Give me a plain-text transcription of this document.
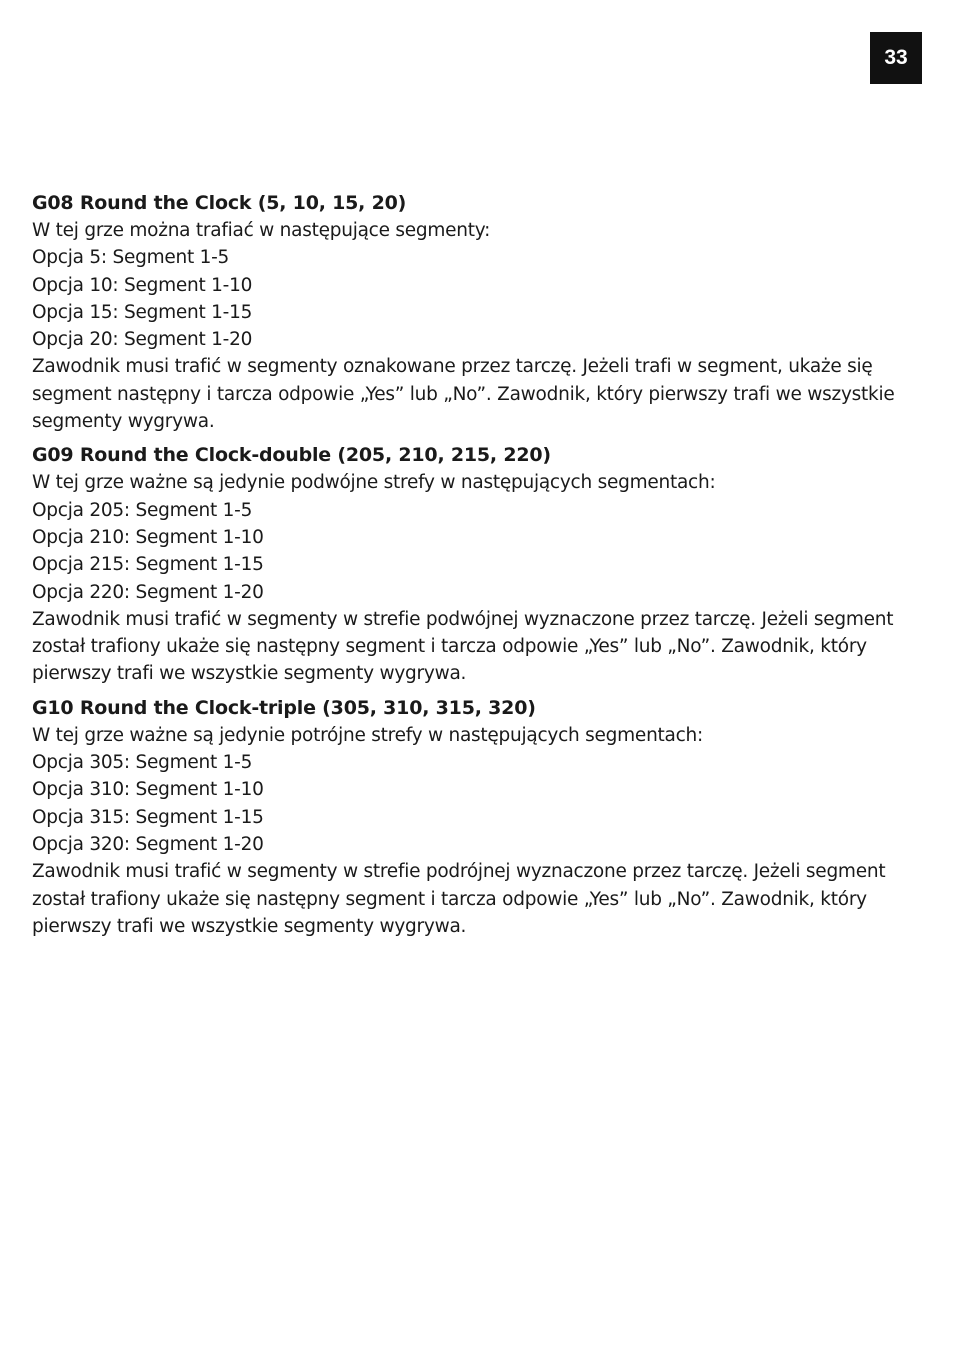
33
G08 Round the Clock (5, 10, 15, 20)

W tej grze można trafiać w następujące segmenty:

Opcja 5: Segment 1-5

Opcja 10: Segment 1-10

Opcja 15: Segment 1-15

Opcja 20: Segment 1-20

Zawodnik musi trafić w segmenty oznakowane przez tarczę. Jeżeli trafi w segment, ukaże się segment następny i tarcza odpowie „Yes” lub „No”. Zawodnik, który pierwszy trafi we wszystkie segmenty wygrywa.

G09 Round the Clock-double (205, 210, 215, 220)

W tej grze ważne są jedynie podwójne strefy w następujących segmentach:

Opcja 205: Segment 1-5

Opcja 210: Segment 1-10

Opcja 215: Segment 1-15

Opcja 220: Segment 1-20

Zawodnik musi trafić w segmenty w strefie podwójnej wyznaczone przez tarczę. Jeżeli segment został trafiony ukaże się następny segment i tarcza odpowie „Yes” lub „No”. Zawodnik, który pierwszy trafi we wszystkie segmenty wygrywa.

G10 Round the Clock-triple (305, 310, 315, 320)

W tej grze ważne są jedynie potrójne strefy w następujących segmentach:

Opcja 305: Segment 1-5

Opcja 310: Segment 1-10

Opcja 315: Segment 1-15

Opcja 320: Segment 1-20

Zawodnik musi trafić w segmenty w strefie podrójnej wyznaczone przez tarczę. Jeżeli segment został trafiony ukaże się następny segment i tarcza odpowie „Yes” lub „No”. Zawodnik, który pierwszy trafi we wszystkie segmenty wygrywa.
